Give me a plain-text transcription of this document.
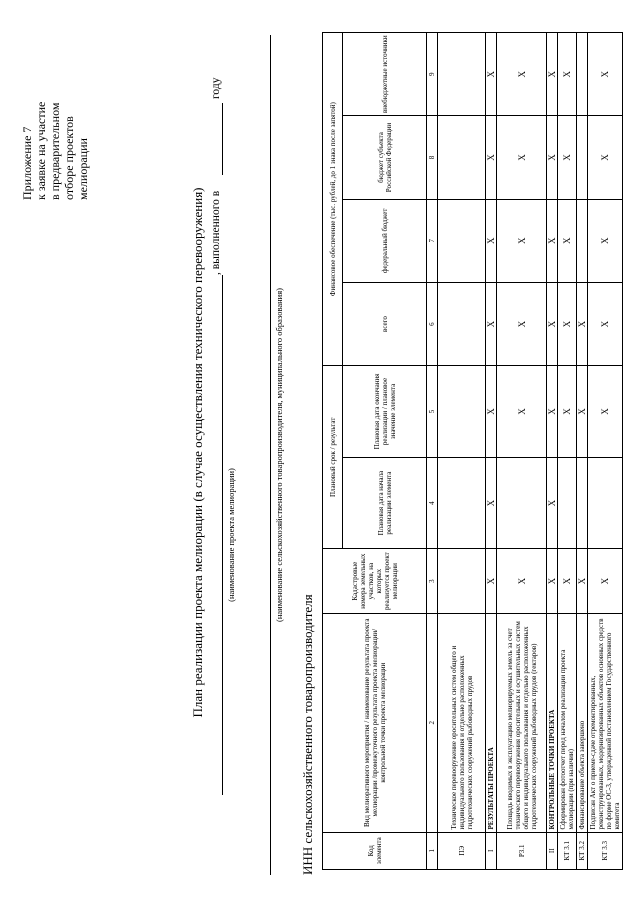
Приложение 7 к заявке на участие в предварительном отборе проектов мелиорации
План реализации проекта мелиорации (в случае осуществления технического перевооружения) , выполненного в
году
(наименование проекта мелиорации)	(наименование сельскохозяйственного товаропроизводителя, муниципального образования)
ИНН сельскохозяйственного товаропроизводителя	Код элемента	Вид мелиоративного мероприятия / наименование результата проекта мелиорации /промежуточного результата проекта мелиорации/ контрольной точки проекта мелиорации	Кадастровые номера земельных участков, на которых реализуется проект мелиорации	Плановый срок / результат		Финансовое обеспечение (тыс. рублей, до 1 знака после запятой)			
			Плановая дата начала реализации элемента	Плановая дата окончания реализации / плановое значение элемента	всего	федеральный бюджет	бюджет субъекта Российской Федерации	внебюджетные источники
1	2	3	4	5	6	7	8	9
ПЭ	Техническое перевооружение оросительных систем общего и индивидуального пользования и отдельно расположенных гидротехнических сооружений рыбоводных прудов							
I	РЕЗУЛЬТАТЫ ПРОЕКТА	X	X	X	X	X	X	X
Р3.1	Площадь вводимых в эксплуатацию мелиорируемых земель за счет технического перевооружения оросительных и осушительных систем общего и индивидуального пользования и отдельно расположенных гидротехнических сооружений рыбоводных прудов (гектаров)	X		X	X	X	X	X
II	КОНТРОЛЬНЫЕ ТОЧКИ ПРОЕКТА	X	X	X	X	X	X	X
КТ 3.1	Сформирован фотоотчет перед началом реализации проекта мелиорации (при наличии)	X		X	X	X	X	X
КТ 3.2	Финансирование объекта завершено	X		X	X			
КТ 3.3	Подписан Акт о приеме-сдаче отремонтированных, реконструированных, модернизированных объектов основных средств по форме ОС-3, утвержденной постановлением Государственного комитета	X		X	X	X	X	X
